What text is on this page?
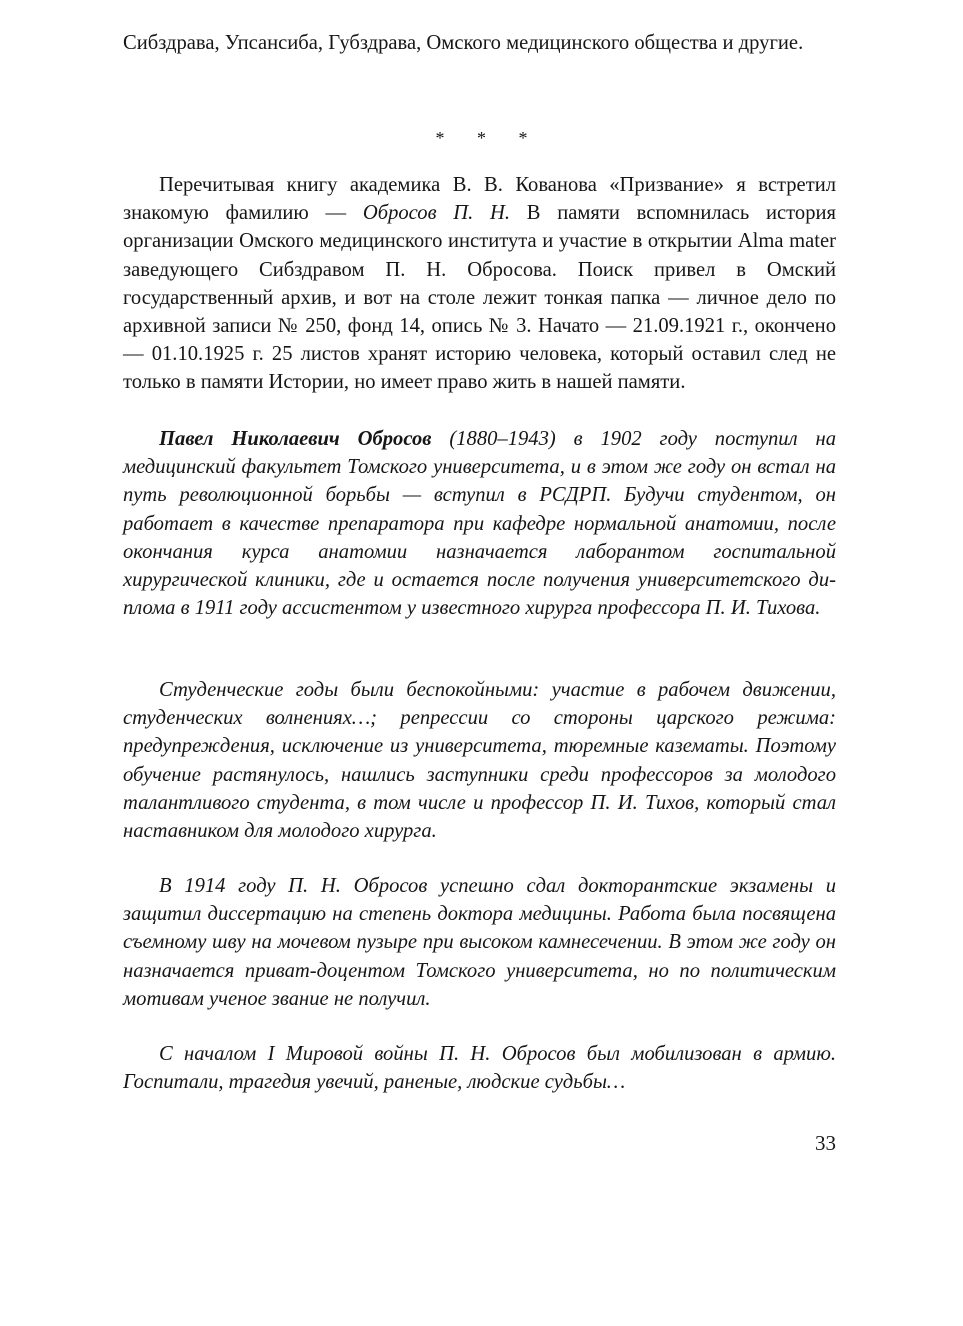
Сибздрава, Упсансиба, Губздрава, Омского медицинского общества и другие.

* * *

Перечитывая книгу академика В. В. Кованова «Призвание» я встретил знакомую фамилию — Обросов П. Н. В памяти вспомнилась история организации Омского медицинского института и участие в открытии Alma mater заведующего Сибздравом П. Н. Обросова. Поиск привел в Омский государственный архив, и вот на столе лежит тонкая папка — личное дело по архивной записи № 250, фонд 14, опись № 3. Начато — 21.09.1921 г., окончено — 01.10.1925 г. 25 листов хранят историю человека, который оставил след не только в памяти Истории, но имеет право жить в нашей памяти.

Павел Николаевич Обросов (1880–1943) в 1902 году поступил на медицинский факультет Томского университета, и в этом же году он встал на путь революционной борьбы — вступил в РСДРП. Будучи студентом, он работает в качестве препаратора при кафедре нормальной анатомии, после окончания курса анатомии назначается лаборантом госпитальной хирургической клиники, где и остается после получения университетского диплома в 1911 году ассистентом у известного хирурга профессора П. И. Тихова.

Студенческие годы были беспокойными: участие в рабочем движении, студенческих волнениях…; репрессии со стороны царского режима: предупреждения, исключение из университета, тюремные казематы. Поэтому обучение растянулось, нашлись заступники среди профессоров за молодого талантливого студента, в том числе и профессор П. И. Тихов, который стал наставником для молодого хирурга.

В 1914 году П. Н. Обросов успешно сдал докторантские экзамены и защитил диссертацию на степень доктора медицины. Работа была посвящена съемному шву на мочевом пузыре при высоком камнесечении. В этом же году он назначается приват-доцентом Томского университета, но по политическим мотивам ученое звание не получил.

С началом I Мировой войны П. Н. Обросов был мобилизован в армию. Госпитали, трагедия увечий, раненые, людские судьбы…

33
